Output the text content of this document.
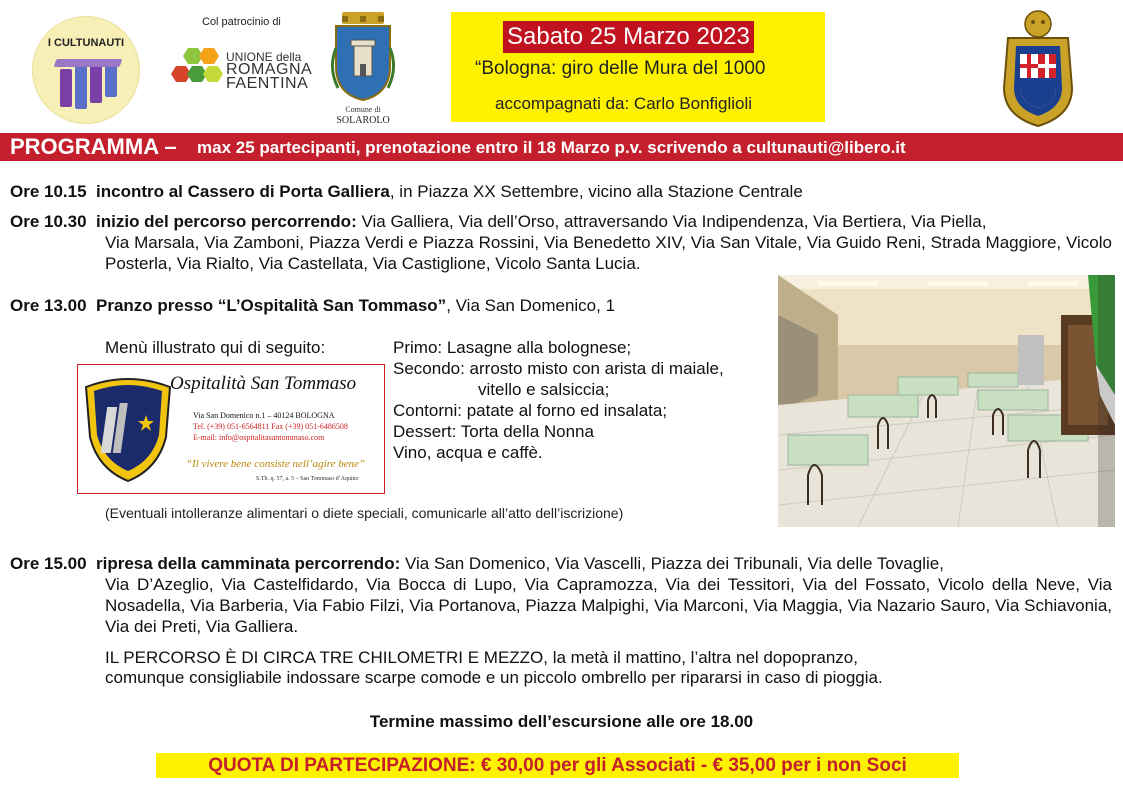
I CULTUNAUTI
Col patrocinio di
UNIONE della
ROMAGNA
FAENTINA
Comune di
SOLAROLO
Sabato 25 Marzo 2023
“Bologna: giro delle Mura del 1000
accompagnati da: Carlo Bonfiglioli
PROGRAMMA – max 25 partecipanti, prenotazione entro il 18 Marzo p.v. scrivendo a cultunauti@libero.it
Ore 10.15 incontro al Cassero di Porta Galliera, in Piazza XX Settembre, vicino alla Stazione Centrale
Ore 10.30 inizio del percorso percorrendo: Via Galliera, Via dell’Orso, attraversando Via Indipendenza, Via Bertiera, Via Piella,
Via Marsala, Via Zamboni, Piazza Verdi e Piazza Rossini, Via Benedetto XIV, Via San Vitale, Via Guido Reni, Strada Maggiore, Vicolo Posterla, Via Rialto, Via Castellata, Via Castiglione, Vicolo Santa Lucia.
Ore 13.00 Pranzo presso “L’Ospitalità San Tommaso”, Via San Domenico, 1
Menù illustrato qui di seguito:	Primo: Lasagne alla bolognese;
Secondo: arrosto misto con arista di maiale,
vitello e salsiccia;
Contorni: patate al forno ed insalata;
Dessert: Torta della Nonna
Vino, acqua e caffè.
Ospitalità San Tommaso
Via San Domenico n.1 – 40124 BOLOGNA
Tel. (+39) 051-6564811 Fax (+39) 051-6486508
E-mail: info@ospitalitasantommaso.com
“Il vivere bene consiste nell’agire bene”
S.Th. q. 57, a. 5 – San Tommaso d’Aquino
(Eventuali intolleranze alimentari o diete speciali, comunicarle all’atto dell’iscrizione)
Ore 15.00 ripresa della camminata percorrendo: Via San Domenico, Via Vascelli, Piazza dei Tribunali, Via delle Tovaglie,
Via D’Azeglio, Via Castelfidardo, Via Bocca di Lupo, Via Capramozza, Via dei Tessitori, Via del Fossato, Vicolo della Neve, Via Nosadella, Via Barberia, Via Fabio Filzi, Via Portanova, Piazza Malpighi, Via Marconi, Via Maggia, Via Nazario Sauro, Via Schiavonia, Via dei Preti, Via Galliera.
IL PERCORSO È DI CIRCA TRE CHILOMETRI E MEZZO, la metà il mattino, l’altra nel dopopranzo,
comunque consigliabile indossare scarpe comode e un piccolo ombrello per ripararsi in caso di pioggia.
Termine massimo dell’escursione alle ore 18.00
QUOTA DI PARTECIPAZIONE: € 30,00 per gli Associati - € 35,00 per i non Soci
